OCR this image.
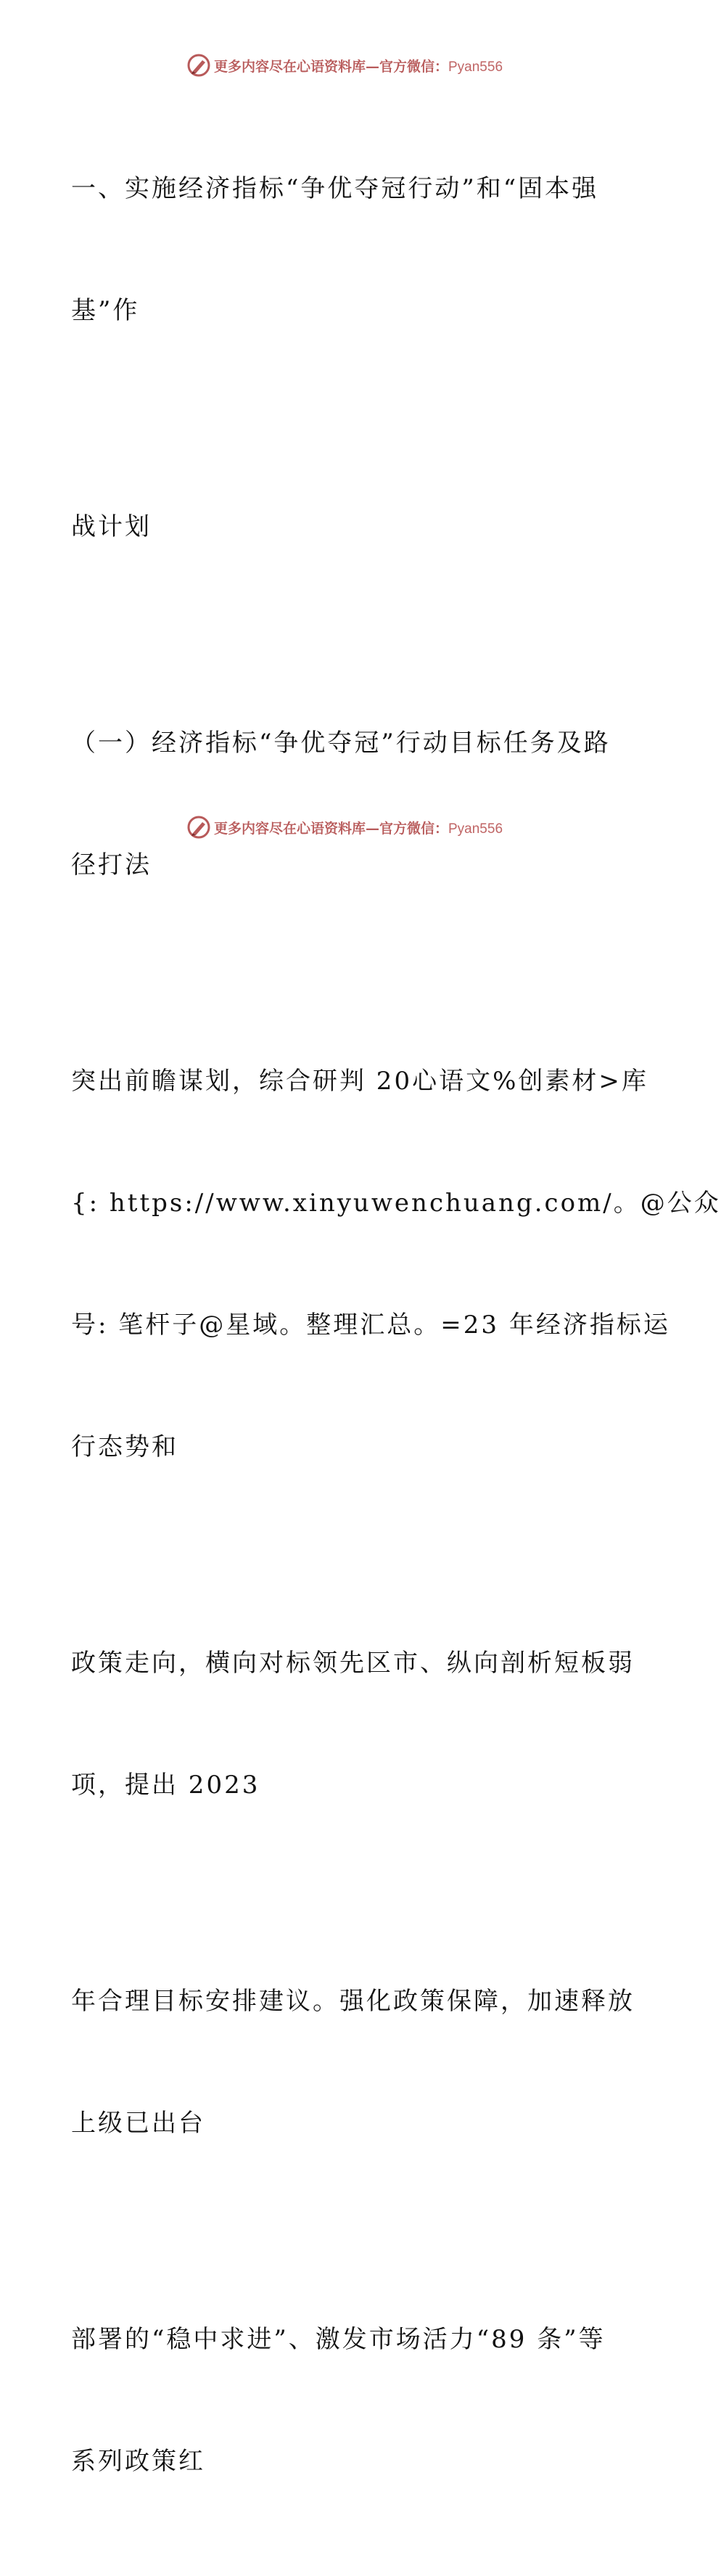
更多内容尽在心语资料库—官方微信：Pyan556

一、实施经济指标“争优夺冠行动”和“固本强

基”作

战计划

（一）经济指标“争优夺冠”行动目标任务及路

径打法

突出前瞻谋划，综合研判 20心语文%创素材>库

{: https://www.xinyuwenchuang.com/。@公众

号: 笔杆子@星域。整理汇总。=23 年经济指标运

行态势和

政策走向，横向对标领先区市、纵向剖析短板弱

项，提出 2023

年合理目标安排建议。强化政策保障，加速释放

上级已出台

部署的“稳中求进”、激发市场活力“89 条”等

系列政策红

更多内容尽在心语资料库—官方微信：Pyan556
